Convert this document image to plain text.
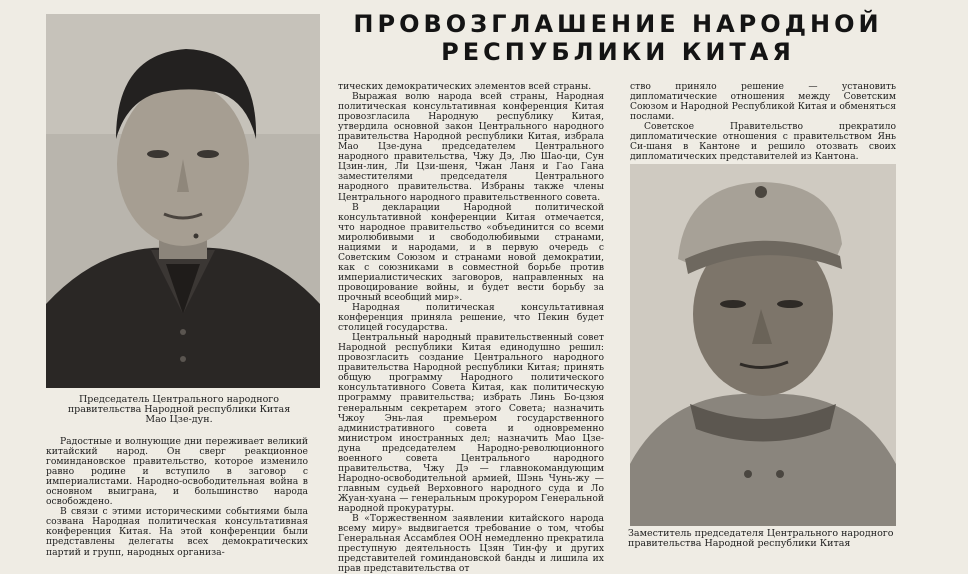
Председатель Центрального народного правительства Народной республики Китая Мао Цзе-дун.
ПРОВОЗГЛАШЕНИЕ НАРОДНОЙ
РЕСПУБЛИКИ КИТАЯ

Радостные и волнующие дни переживает великий китайский народ. Он сверг реакционное гоминдановское правительство, которое изменило равно родине и вступило в заговор с империалистами. Народно-освободительная война в основном выиграна, и большинство народа освобождено.

В связи с этими историческими событиями была созвана Народная политическая консультативная конференция Китая. На этой конференции были представлены делегаты всех демократических партий и групп, народных организа-

тических демократических элементов всей страны.

Выражая волю народа всей страны, Народная политическая консультативная конференция Китая провозгласила Народную республику Китая, утвердила основной закон Центрального народного правительства Народной республики Китая, избрала Мао Цзе-дуна председателем Центрального народного правительства, Чжу Дэ, Лю Шао-ци, Сун Цзин-лин, Ли Цзи-шеня, Чжан Ланя и Гао Гана заместителями председателя Центрального народного правительства. Избраны также члены Центрального народного правительственного совета.

В декларации Народной политической консультативной конференции Китая отмечается, что народное правительство «объединится со всеми миролюбивыми и свободолюбивыми странами, нациями и народами, и в первую очередь с Советским Союзом и странами новой демократии, как с союзниками в совместной борьбе против империалистических заговоров, направленных на провоцирование войны, и будет вести борьбу за прочный всеобщий мир».

Народная политическая консультативная конференция приняла решение, что Пекин будет столицей государства.

Центральный народный правительственный совет Народной республики Китая единодушно решил: провозгласить создание Центрального народного правительства Народной республики Китая; принять общую программу Народного политического консультативного Совета Китая, как политическую программу правительства; избрать Линь Бо-цзюя генеральным секретарем этого Совета; назначить Чжоу Энь-лая премьером государственного административного совета и одновременно министром иностранных дел; назначить Мао Цзе-дуна председателем Народно-революционного военного совета Центрального народного правительства, Чжу Дэ — главнокомандующим Народно-освободительной армией, Шэнь Чунь-жу — главным судьей Верховного народного суда и Ло Жуан-хуана — генеральным прокурором Генеральной народной прокуратуры.

В «Торжественном заявлении китайского народа всему миру» выдвигается требование о том, чтобы Генеральная Ассамблея ООН немедленно прекратила преступную деятельность Цзян Тин-фу и других представителей гоминдановской банды и лишила их прав представительства от

ство приняло решение — установить дипломатические отношения между Советским Союзом и Народной Республикой Китая и обменяться послами.

Советское Правительство прекратило дипломатические отношения с правительством Янь Си-шаня в Кантоне и решило отозвать своих дипломатических представителей из Кантона.

Заместитель председателя Центрального народного правительства Народной республики Китая
